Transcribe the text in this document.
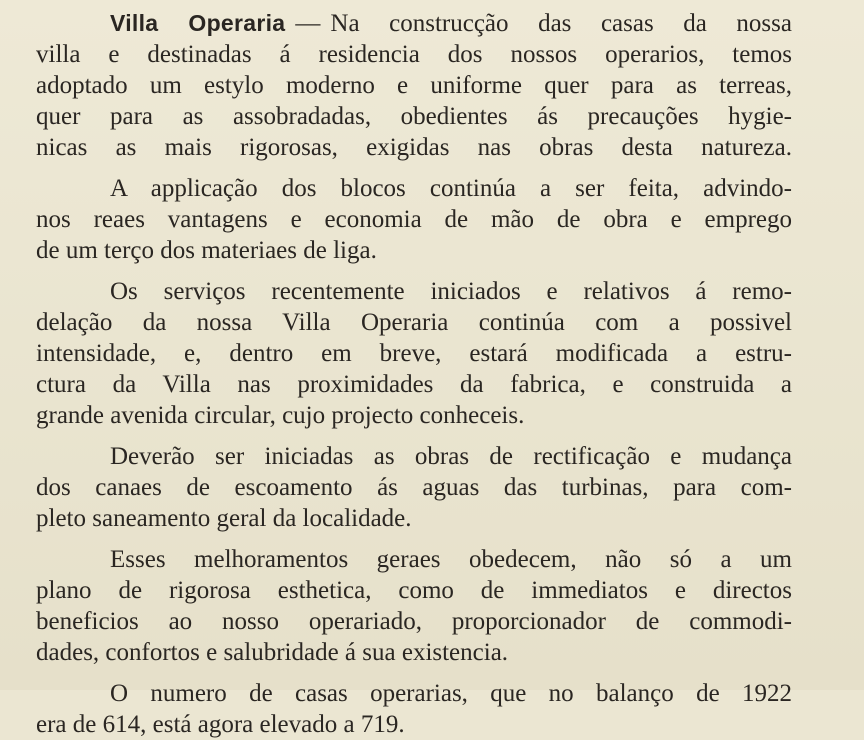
Villa Operaria — Na construcção das casas da nossa
villa e destinadas á residencia dos nossos operarios, temos
adoptado um estylo moderno e uniforme quer para as terreas,
quer para as assobradadas, obedientes ás precauções hygie-
nicas as mais rigorosas, exigidas nas obras desta natureza.

A applicação dos blocos continúa a ser feita, advindo-
nos reaes vantagens e economia de mão de obra e emprego
de um terço dos materiaes de liga.

Os serviços recentemente iniciados e relativos á remo-
delação da nossa Villa Operaria continúa com a possivel
intensidade, e, dentro em breve, estará modificada a estru-
ctura da Villa nas proximidades da fabrica, e construida a
grande avenida circular, cujo projecto conheceis.

Deverão ser iniciadas as obras de rectificação e mudança
dos canaes de escoamento ás aguas das turbinas, para com-
pleto saneamento geral da localidade.

Esses melhoramentos geraes obedecem, não só a um
plano de rigorosa esthetica, como de immediatos e directos
beneficios ao nosso operariado, proporcionador de commodi-
dades, confortos e salubridade á sua existencia.

O numero de casas operarias, que no balanço de 1922
era de 614, está agora elevado a 719.
